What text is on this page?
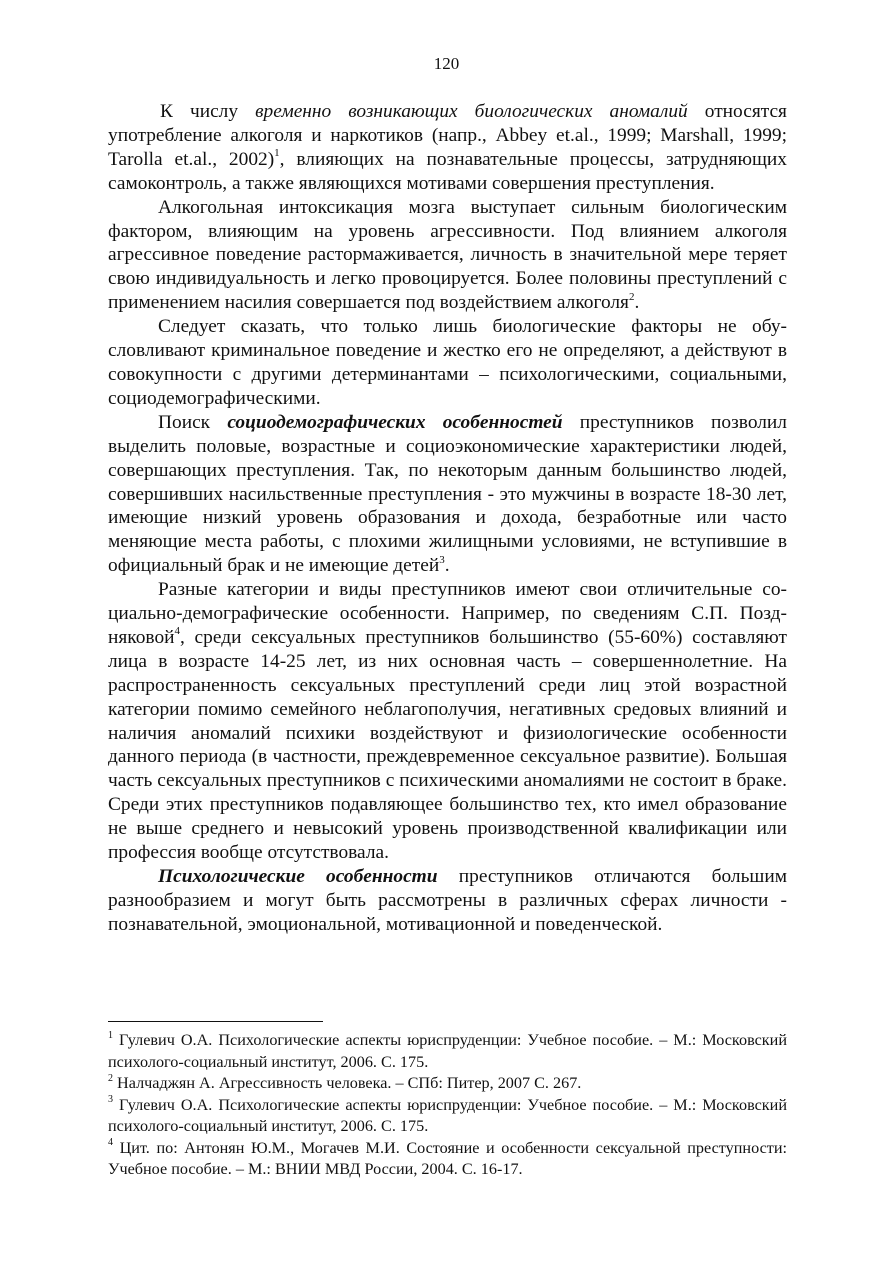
120

К числу временно возникающих биологических аномалий относятся употребление алкоголя и наркотиков (напр., Abbey et.al., 1999; Marshall, 1999; Tarolla et.al., 2002)$^1$, влияющих на познавательные процессы, затрудняющих самоконтроль, а также являющихся мотивами совершения преступления.

Алкогольная интоксикация мозга выступает сильным биологическим фактором, влияющим на уровень агрессивности. Под влиянием алкоголя агрессивное поведение растормаживается, личность в значительной мере теряет свою индивидуальность и легко провоцируется. Более половины преступлений с применением насилия совершается под воздействием алкоголя$^2$.

Следует сказать, что только лишь биологические факторы не обусловливают криминальное поведение и жестко его не определяют, а действуют в совокупности с другими детерминантами – психологическими, социальными, социодемографическими.

Поиск социодемографических особенностей преступников позволил выделить половые, возрастные и социоэкономические характеристики людей, совершающих преступления. Так, по некоторым данным большинство людей, совершивших насильственные преступления - это мужчины в возрасте 18-30 лет, имеющие низкий уровень образования и дохода, безработные или часто меняющие места работы, с плохими жилищными условиями, не вступившие в официальный брак и не имеющие детей$^3$.

Разные категории и виды преступников имеют свои отличительные социально-демографические особенности. Например, по сведениям С.П. Поздняковой$^4$, среди сексуальных преступников большинство (55-60%) составляют лица в возрасте 14-25 лет, из них основная часть – совершеннолетние. На распространенность сексуальных преступлений среди лиц этой возрастной категории помимо семейного неблагополучия, негативных средовых влияний и наличия аномалий психики воздействуют и физиологические особенности данного периода (в частности, преждевременное сексуальное развитие). Большая часть сексуальных преступников с психическими аномалиями не состоит в браке. Среди этих преступников подавляющее большинство тех, кто имел образование не выше среднего и невысокий уровень производственной квалификации или профессия вообще отсутствовала.

Психологические особенности преступников отличаются большим разнообразием и могут быть рассмотрены в различных сферах личности - познавательной, эмоциональной, мотивационной и поведенческой.

$^1$ Гулевич О.А. Психологические аспекты юриспруденции: Учебное пособие. – М.: Московский психолого-социальный институт, 2006. С. 175.

$^2$ Налчаджян А. Агрессивность человека. – СПб: Питер, 2007 С. 267.

$^3$ Гулевич О.А. Психологические аспекты юриспруденции: Учебное пособие. – М.: Московский психолого-социальный институт, 2006. С. 175.

$^4$ Цит. по: Антонян Ю.М., Могачев М.И. Состояние и особенности сексуальной преступности: Учебное пособие. – М.: ВНИИ МВД России, 2004. С. 16-17.
